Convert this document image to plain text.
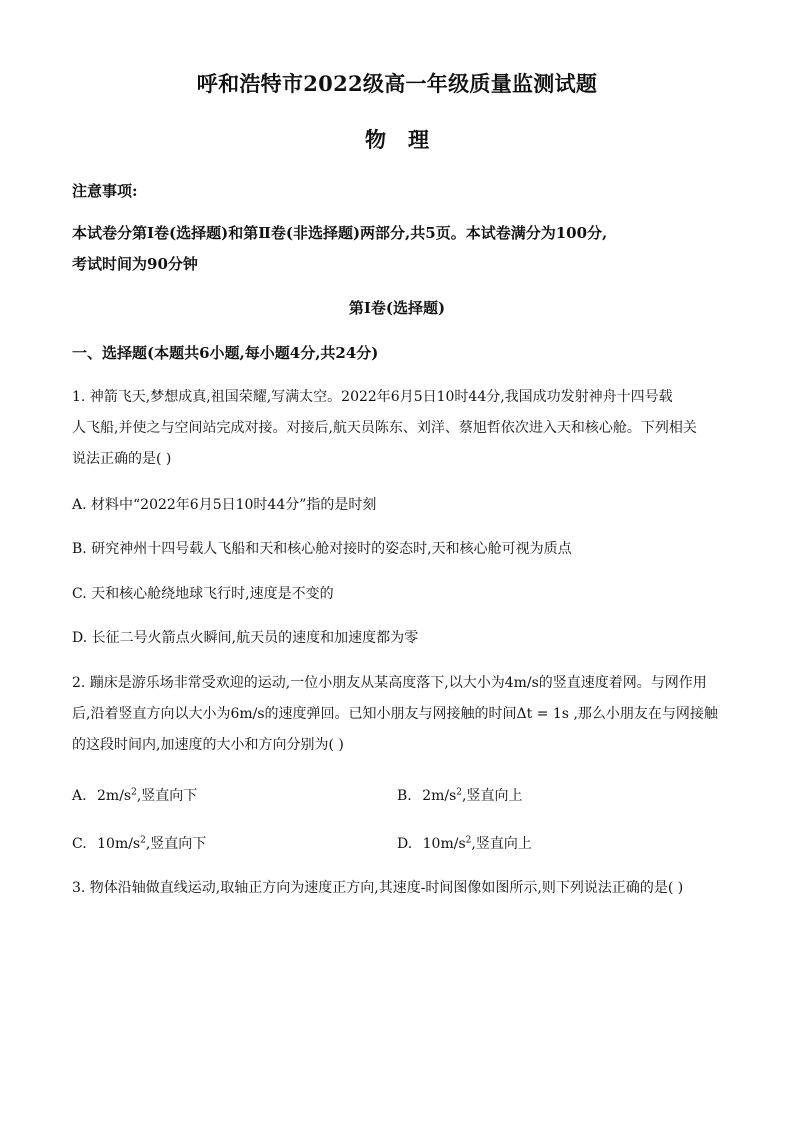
呼和浩特市2022级高一年级质量监测试题
物理
注意事项:
本试卷分第Ⅰ卷(选择题)和第Ⅱ卷(非选择题)两部分,共5页。本试卷满分为100分,
考试时间为90分钟
第Ⅰ卷(选择题)
一、选择题(本题共6小题,每小题4分,共24分)
1. 神箭飞天,梦想成真,祖国荣耀,写满太空。2022年6月5日10时44分,我国成功发射神舟十四号载
人飞船,并使之与空间站完成对接。对接后,航天员陈东、刘洋、蔡旭哲依次进入天和核心舱。下列相关
说法正确的是( )
A. 材料中“2022年6月5日10时44分”指的是时刻
B. 研究神州十四号载人飞船和天和核心舱对接时的姿态时,天和核心舱可视为质点
C. 天和核心舱绕地球飞行时,速度是不变的
D. 长征二号火箭点火瞬间,航天员的速度和加速度都为零
2. 蹦床是游乐场非常受欢迎的运动,一位小朋友从某高度落下,以大小为4m/s的竖直速度着网。与网作用
后,沿着竖直方向以大小为6m/s的速度弹回。已知小朋友与网接触的时间Δt = 1s ,那么小朋友在与网接触
的这段时间内,加速度的大小和方向分别为( )
A. $2m/s^2$,竖直向下	B. $2m/s^2$,竖直向上
C. $10m/s^2$,竖直向下	D. $10m/s^2$,竖直向上
3. 物体沿轴做直线运动,取轴正方向为速度正方向,其速度-时间图像如图所示,则下列说法正确的是( )
